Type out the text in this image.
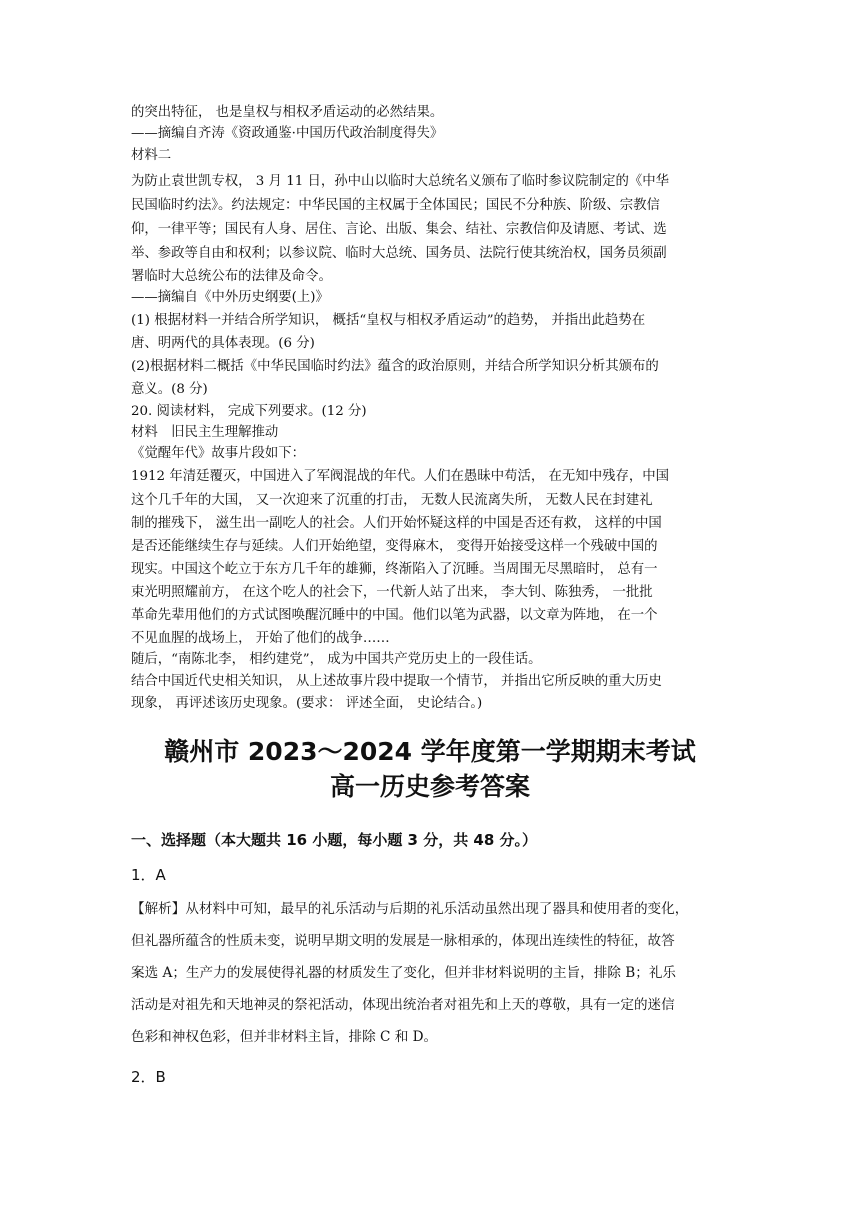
的突出特征， 也是皇权与相权矛盾运动的必然结果。

——摘编自齐涛《资政通鉴·中国历代政治制度得失》

材料二

为防止袁世凯专权， 3 月 11 日，孙中山以临时大总统名义颁布了临时参议院制定的《中华

民国临时约法》。约法规定：中华民国的主权属于全体国民；国民不分种族、阶级、宗教信

仰，一律平等；国民有人身、居住、言论、出版、集会、结社、宗教信仰及请愿、考试、选

举、参政等自由和权利；以参议院、临时大总统、国务员、法院行使其统治权，国务员须副

署临时大总统公布的法律及命令。

——摘编自《中外历史纲要(上)》

(1) 根据材料一并结合所学知识， 概括“皇权与相权矛盾运动”的趋势， 并指出此趋势在

唐、明两代的具体表现。(6 分)

(2)根据材料二概括《中华民国临时约法》蕴含的政治原则，并结合所学知识分析其颁布的

意义。(8 分)

20. 阅读材料， 完成下列要求。(12 分)

材料　旧民主生理解推动

《觉醒年代》故事片段如下：

1912 年清廷覆灭，中国进入了军阀混战的年代。人们在愚昧中苟活， 在无知中残存，中国

这个几千年的大国， 又一次迎来了沉重的打击， 无数人民流离失所， 无数人民在封建礼

制的摧残下， 滋生出一副吃人的社会。人们开始怀疑这样的中国是否还有救， 这样的中国

是否还能继续生存与延续。人们开始绝望，变得麻木， 变得开始接受这样一个残破中国的

现实。中国这个屹立于东方几千年的雄狮，终渐陷入了沉睡。当周围无尽黑暗时， 总有一

束光明照耀前方， 在这个吃人的社会下，一代新人站了出来， 李大钊、陈独秀， 一批批

革命先辈用他们的方式试图唤醒沉睡中的中国。他们以笔为武器，以文章为阵地， 在一个

不见血腥的战场上， 开始了他们的战争……

随后，“南陈北李， 相约建党”， 成为中国共产党历史上的一段佳话。

结合中国近代史相关知识， 从上述故事片段中提取一个情节， 并指出它所反映的重大历史

现象， 再评述该历史现象。(要求： 评述全面， 史论结合。)

赣州市 2023～2024 学年度第一学期期末考试
高一历史参考答案
一、选择题（本大题共 16 小题，每小题 3 分，共 48 分。）
1．A
【解析】从材料中可知，最早的礼乐活动与后期的礼乐活动虽然出现了器具和使用者的变化，
但礼器所蕴含的性质未变，说明早期文明的发展是一脉相承的，体现出连续性的特征，故答
案选 A；生产力的发展使得礼器的材质发生了变化，但并非材料说明的主旨，排除 B；礼乐
活动是对祖先和天地神灵的祭祀活动，体现出统治者对祖先和上天的尊敬，具有一定的迷信
色彩和神权色彩，但并非材料主旨，排除 C 和 D。
2．B
